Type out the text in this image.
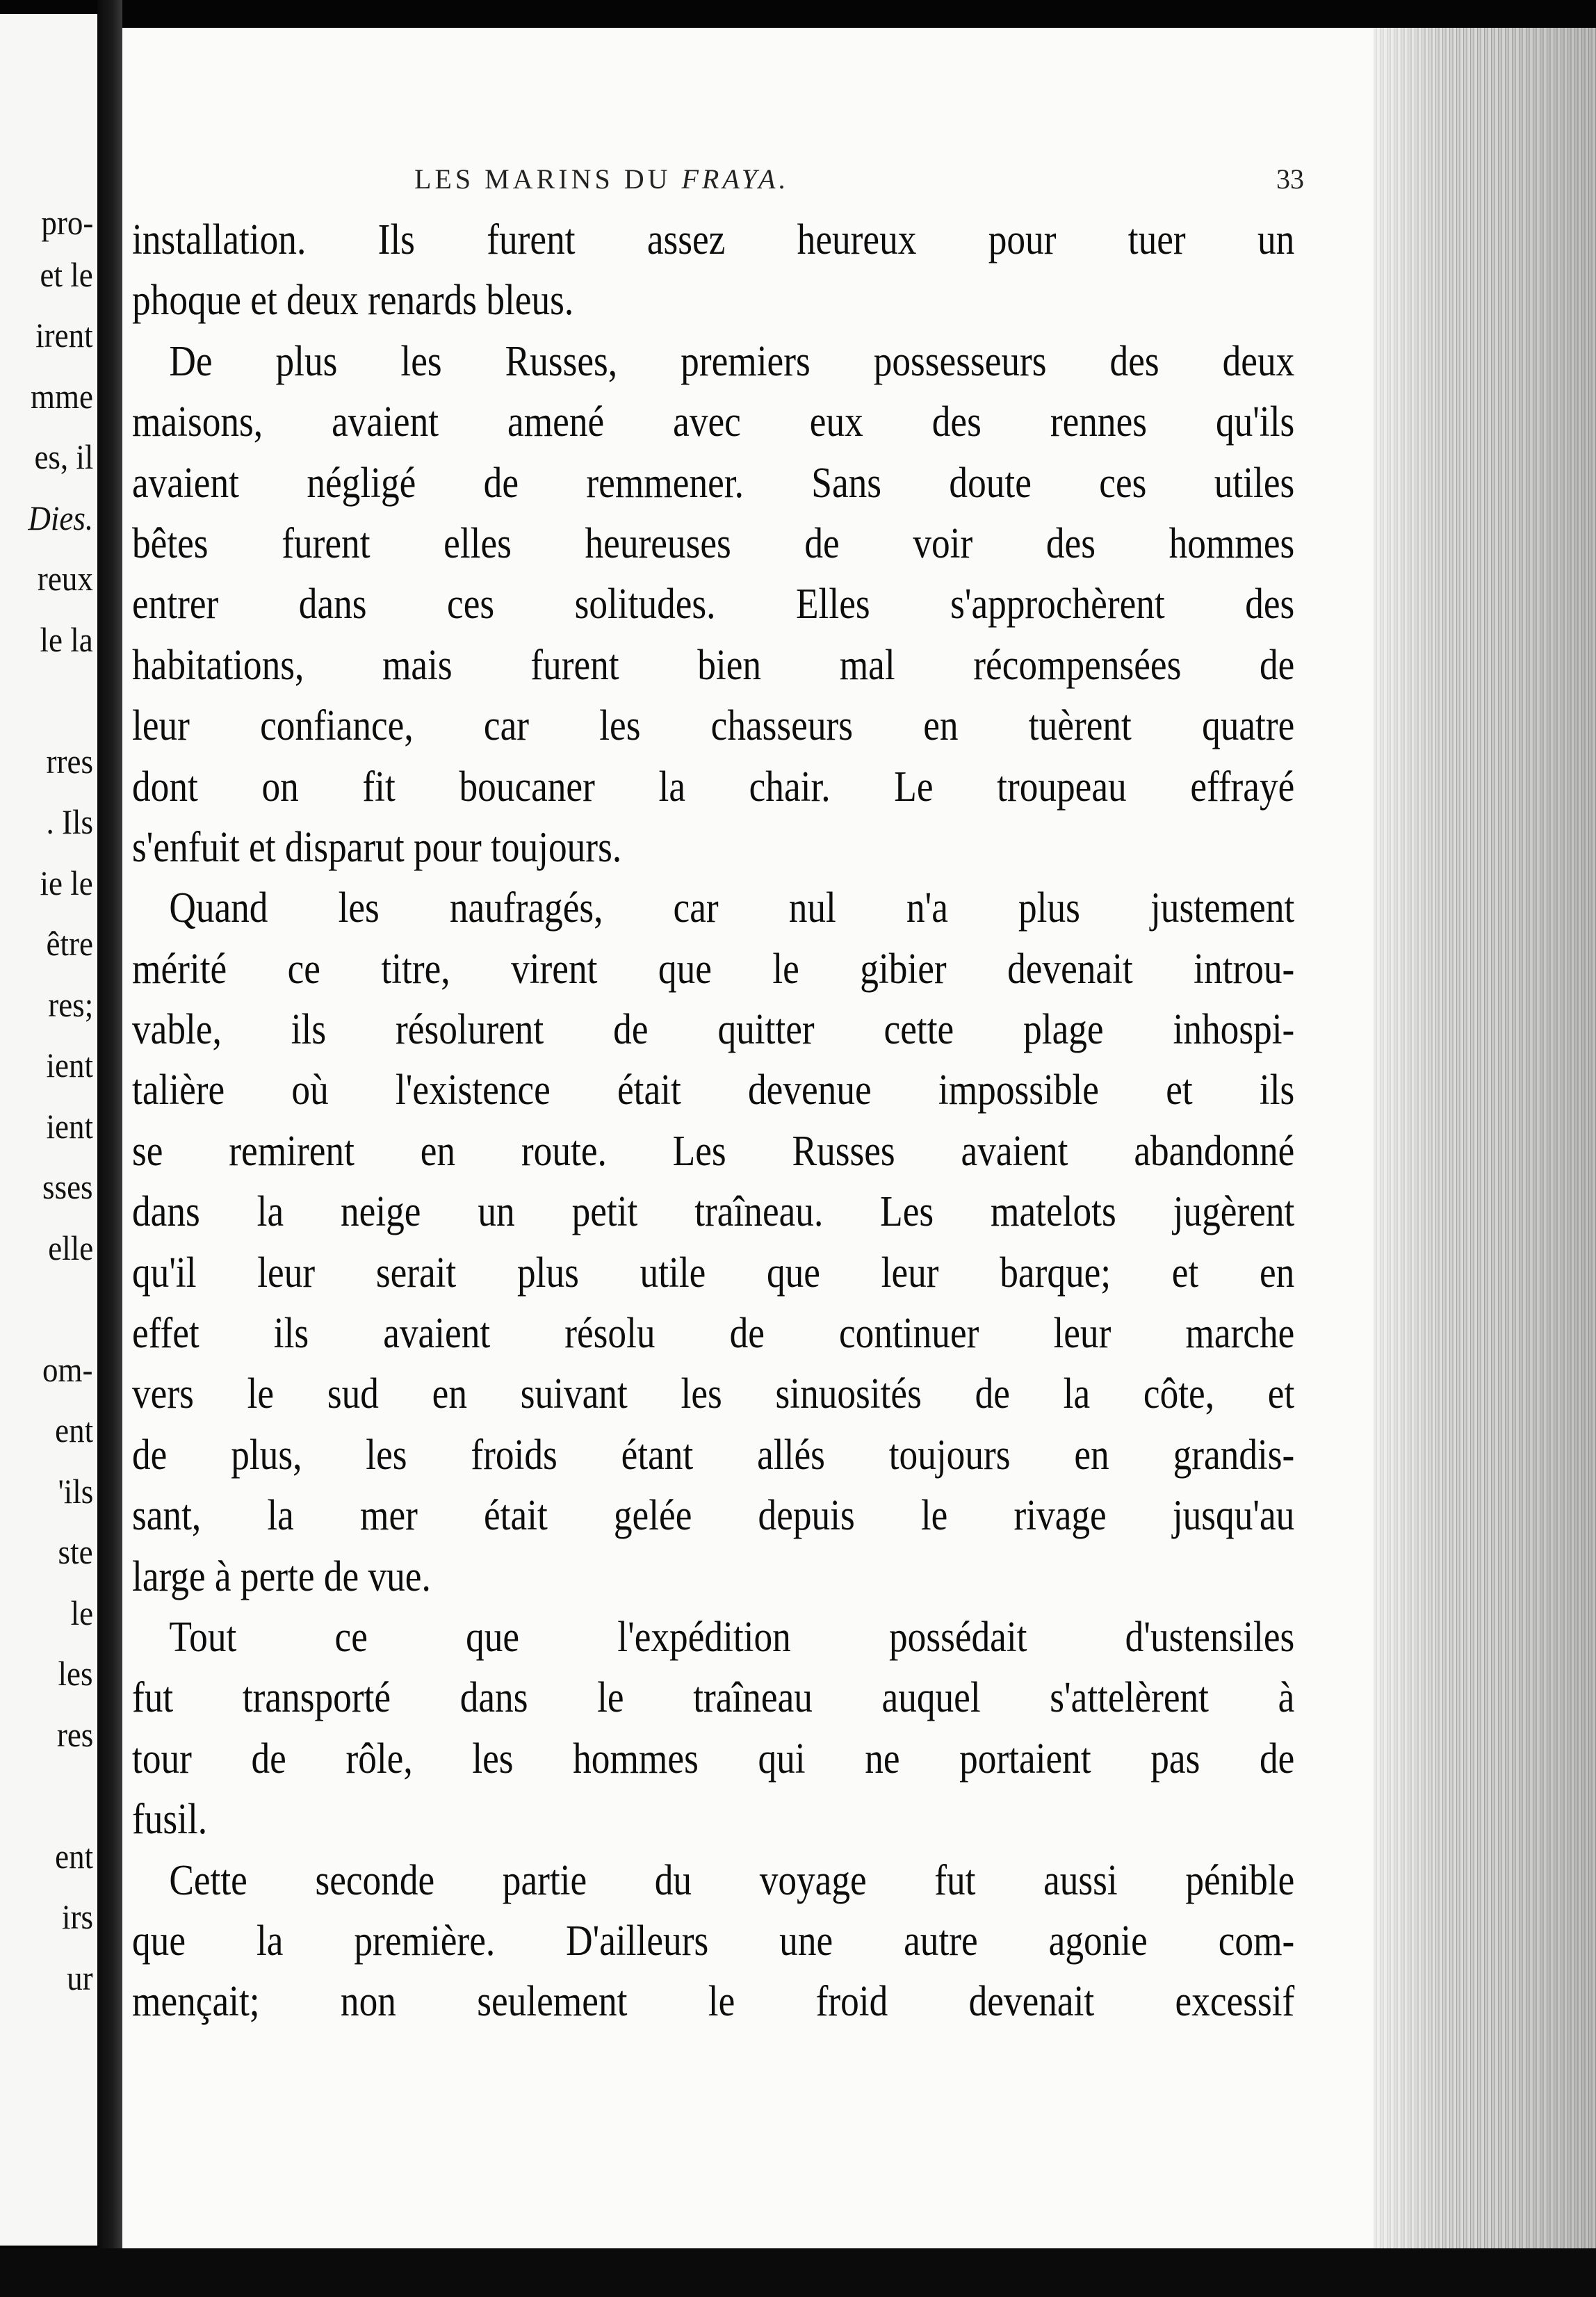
pro-
et le
irent
mme
es, il
Dies.
reux
le la
rres
. Ils
ie le
être
res;
ient
ient
sses
elle
om-
ent
'ils
ste
le
les
res
ent
irs
ur
LES MARINS DU FRAYA.	33
installation. Ils furent assez heureux pour tuer un
phoque et deux renards bleus.
De plus les Russes, premiers possesseurs des deux
maisons, avaient amené avec eux des rennes qu'ils
avaient négligé de remmener. Sans doute ces utiles
bêtes furent elles heureuses de voir des hommes
entrer dans ces solitudes. Elles s'approchèrent des
habitations, mais furent bien mal récompensées de
leur confiance, car les chasseurs en tuèrent quatre
dont on fit boucaner la chair. Le troupeau effrayé
s'enfuit et disparut pour toujours.
Quand les naufragés, car nul n'a plus justement
mérité ce titre, virent que le gibier devenait introu-
vable, ils résolurent de quitter cette plage inhospi-
talière où l'existence était devenue impossible et ils
se remirent en route. Les Russes avaient abandonné
dans la neige un petit traîneau. Les matelots jugèrent
qu'il leur serait plus utile que leur barque; et en
effet ils avaient résolu de continuer leur marche
vers le sud en suivant les sinuosités de la côte, et
de plus, les froids étant allés toujours en grandis-
sant, la mer était gelée depuis le rivage jusqu'au
large à perte de vue.
Tout ce que l'expédition possédait d'ustensiles
fut transporté dans le traîneau auquel s'attelèrent à
tour de rôle, les hommes qui ne portaient pas de
fusil.
Cette seconde partie du voyage fut aussi pénible
que la première. D'ailleurs une autre agonie com-
mençait; non seulement le froid devenait excessif
